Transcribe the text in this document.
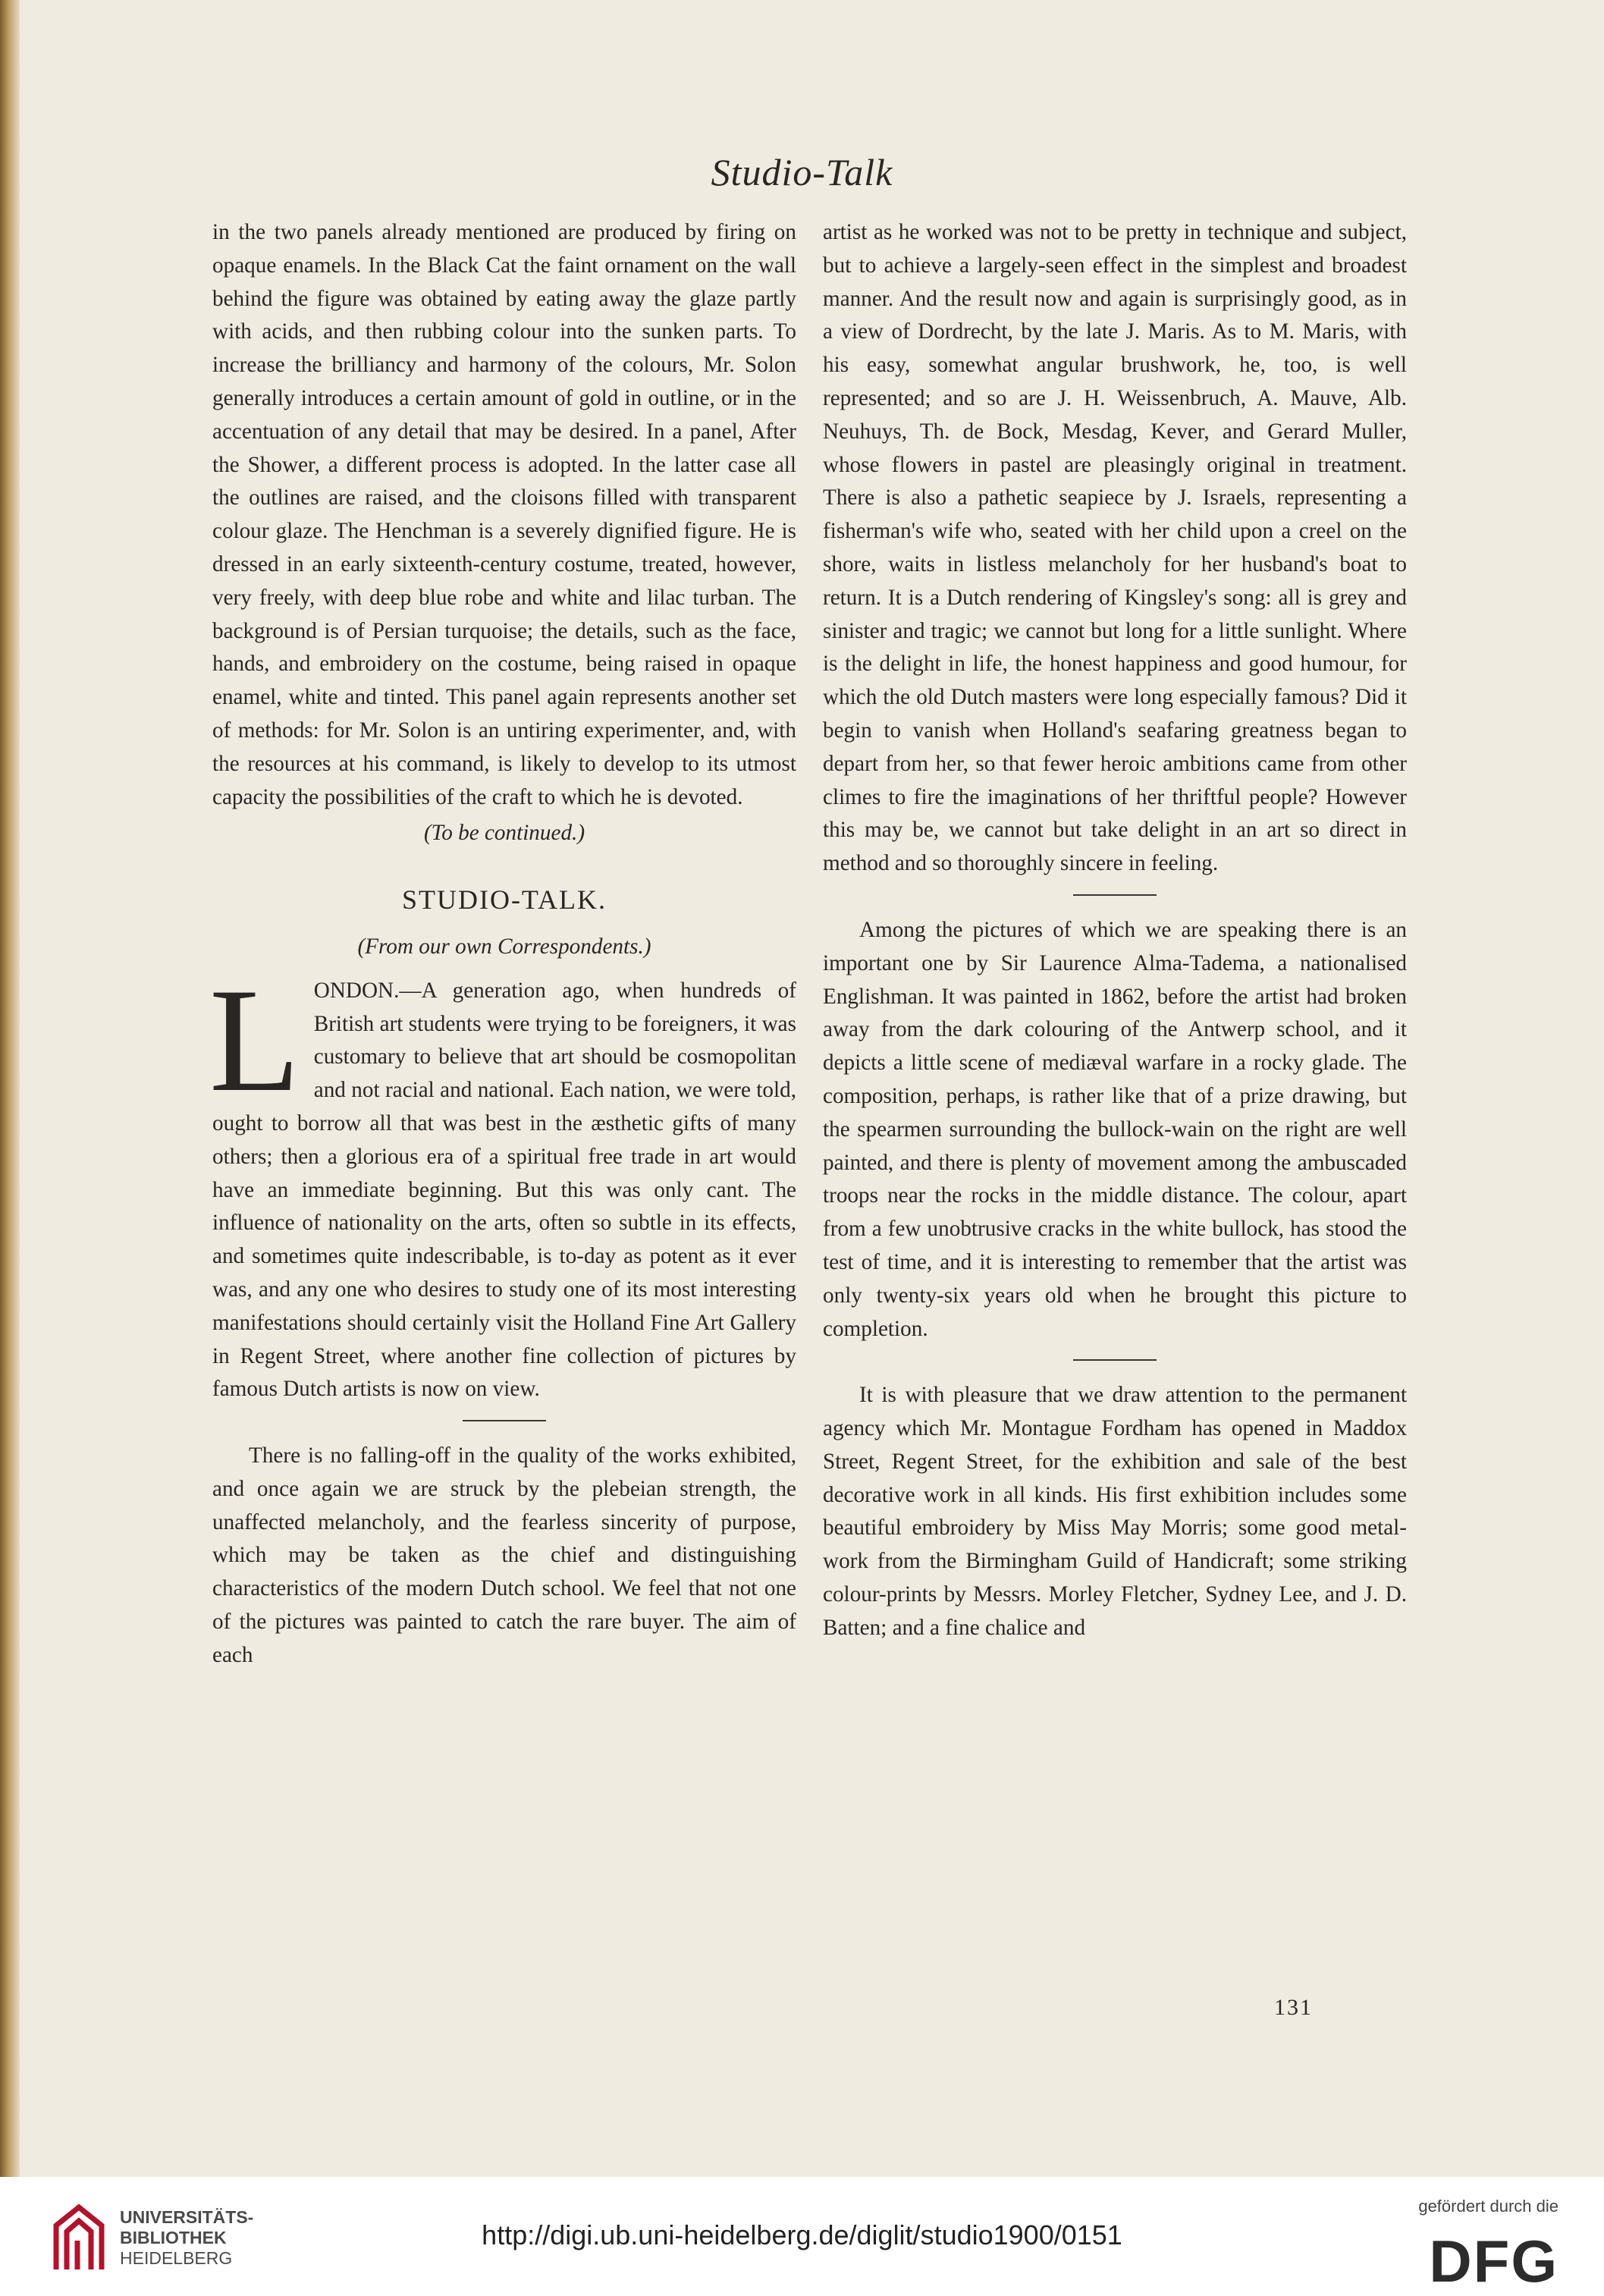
Studio-Talk

in the two panels already mentioned are produced by firing on opaque enamels. In the Black Cat the faint ornament on the wall behind the figure was obtained by eating away the glaze partly with acids, and then rubbing colour into the sunken parts. To increase the brilliancy and harmony of the colours, Mr. Solon generally introduces a certain amount of gold in outline, or in the accentuation of any detail that may be desired. In a panel, After the Shower, a different process is adopted. In the latter case all the outlines are raised, and the cloisons filled with transparent colour glaze. The Henchman is a severely dignified figure. He is dressed in an early sixteenth-century costume, treated, however, very freely, with deep blue robe and white and lilac turban. The background is of Persian turquoise; the details, such as the face, hands, and embroidery on the costume, being raised in opaque enamel, white and tinted. This panel again represents another set of methods: for Mr. Solon is an untiring experimenter, and, with the resources at his command, is likely to develop to its utmost capacity the possibilities of the craft to which he is devoted.

(To be continued.)

STUDIO-TALK.

(From our own Correspondents.)

LONDON.—A generation ago, when hundreds of British art students were trying to be foreigners, it was customary to believe that art should be cosmopolitan and not racial and national. Each nation, we were told, ought to borrow all that was best in the æsthetic gifts of many others; then a glorious era of a spiritual free trade in art would have an immediate beginning. But this was only cant. The influence of nationality on the arts, often so subtle in its effects, and sometimes quite indescribable, is to-day as potent as it ever was, and any one who desires to study one of its most interesting manifestations should certainly visit the Holland Fine Art Gallery in Regent Street, where another fine collection of pictures by famous Dutch artists is now on view.

There is no falling-off in the quality of the works exhibited, and once again we are struck by the plebeian strength, the unaffected melancholy, and the fearless sincerity of purpose, which may be taken as the chief and distinguishing characteristics of the modern Dutch school. We feel that not one of the pictures was painted to catch the rare buyer. The aim of each

artist as he worked was not to be pretty in technique and subject, but to achieve a largely-seen effect in the simplest and broadest manner. And the result now and again is surprisingly good, as in a view of Dordrecht, by the late J. Maris. As to M. Maris, with his easy, somewhat angular brushwork, he, too, is well represented; and so are J. H. Weissenbruch, A. Mauve, Alb. Neuhuys, Th. de Bock, Mesdag, Kever, and Gerard Muller, whose flowers in pastel are pleasingly original in treatment. There is also a pathetic seapiece by J. Israels, representing a fisherman's wife who, seated with her child upon a creel on the shore, waits in listless melancholy for her husband's boat to return. It is a Dutch rendering of Kingsley's song: all is grey and sinister and tragic; we cannot but long for a little sunlight. Where is the delight in life, the honest happiness and good humour, for which the old Dutch masters were long especially famous? Did it begin to vanish when Holland's seafaring greatness began to depart from her, so that fewer heroic ambitions came from other climes to fire the imaginations of her thriftful people? However this may be, we cannot but take delight in an art so direct in method and so thoroughly sincere in feeling.

Among the pictures of which we are speaking there is an important one by Sir Laurence Alma-Tadema, a nationalised Englishman. It was painted in 1862, before the artist had broken away from the dark colouring of the Antwerp school, and it depicts a little scene of mediæval warfare in a rocky glade. The composition, perhaps, is rather like that of a prize drawing, but the spearmen surrounding the bullock-wain on the right are well painted, and there is plenty of movement among the ambuscaded troops near the rocks in the middle distance. The colour, apart from a few unobtrusive cracks in the white bullock, has stood the test of time, and it is interesting to remember that the artist was only twenty-six years old when he brought this picture to completion.

It is with pleasure that we draw attention to the permanent agency which Mr. Montague Fordham has opened in Maddox Street, Regent Street, for the exhibition and sale of the best decorative work in all kinds. His first exhibition includes some beautiful embroidery by Miss May Morris; some good metal-work from the Birmingham Guild of Handicraft; some striking colour-prints by Messrs. Morley Fletcher, Sydney Lee, and J. D. Batten; and a fine chalice and

131
UNIVERSITÄTS-
BIBLIOTHEK
HEIDELBERG
http://digi.ub.uni-heidelberg.de/diglit/studio1900/0151
gefördert durch die
DFG
